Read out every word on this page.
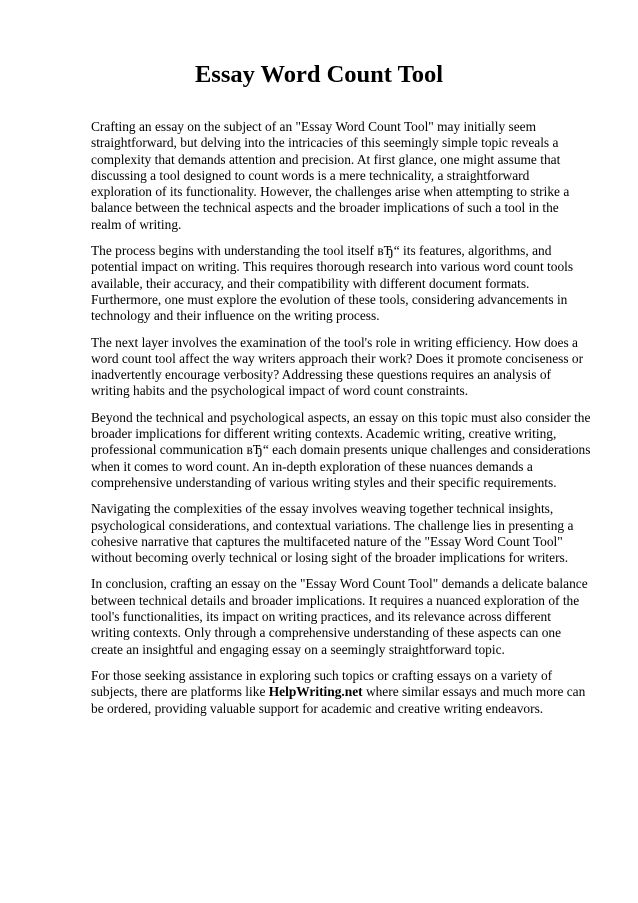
Essay Word Count Tool

Crafting an essay on the subject of an "Essay Word Count Tool" may initially seem straightforward, but delving into the intricacies of this seemingly simple topic reveals a complexity that demands attention and precision. At first glance, one might assume that discussing a tool designed to count words is a mere technicality, a straightforward exploration of its functionality. However, the challenges arise when attempting to strike a balance between the technical aspects and the broader implications of such a tool in the realm of writing.

The process begins with understanding the tool itself вЂ“ its features, algorithms, and potential impact on writing. This requires thorough research into various word count tools available, their accuracy, and their compatibility with different document formats. Furthermore, one must explore the evolution of these tools, considering advancements in technology and their influence on the writing process.

The next layer involves the examination of the tool's role in writing efficiency. How does a word count tool affect the way writers approach their work? Does it promote conciseness or inadvertently encourage verbosity? Addressing these questions requires an analysis of writing habits and the psychological impact of word count constraints.

Beyond the technical and psychological aspects, an essay on this topic must also consider the broader implications for different writing contexts. Academic writing, creative writing, professional communication вЂ“ each domain presents unique challenges and considerations when it comes to word count. An in-depth exploration of these nuances demands a comprehensive understanding of various writing styles and their specific requirements.

Navigating the complexities of the essay involves weaving together technical insights, psychological considerations, and contextual variations. The challenge lies in presenting a cohesive narrative that captures the multifaceted nature of the "Essay Word Count Tool" without becoming overly technical or losing sight of the broader implications for writers.

In conclusion, crafting an essay on the "Essay Word Count Tool" demands a delicate balance between technical details and broader implications. It requires a nuanced exploration of the tool's functionalities, its impact on writing practices, and its relevance across different writing contexts. Only through a comprehensive understanding of these aspects can one create an insightful and engaging essay on a seemingly straightforward topic.

For those seeking assistance in exploring such topics or crafting essays on a variety of subjects, there are platforms like HelpWriting.net where similar essays and much more can be ordered, providing valuable support for academic and creative writing endeavors.
